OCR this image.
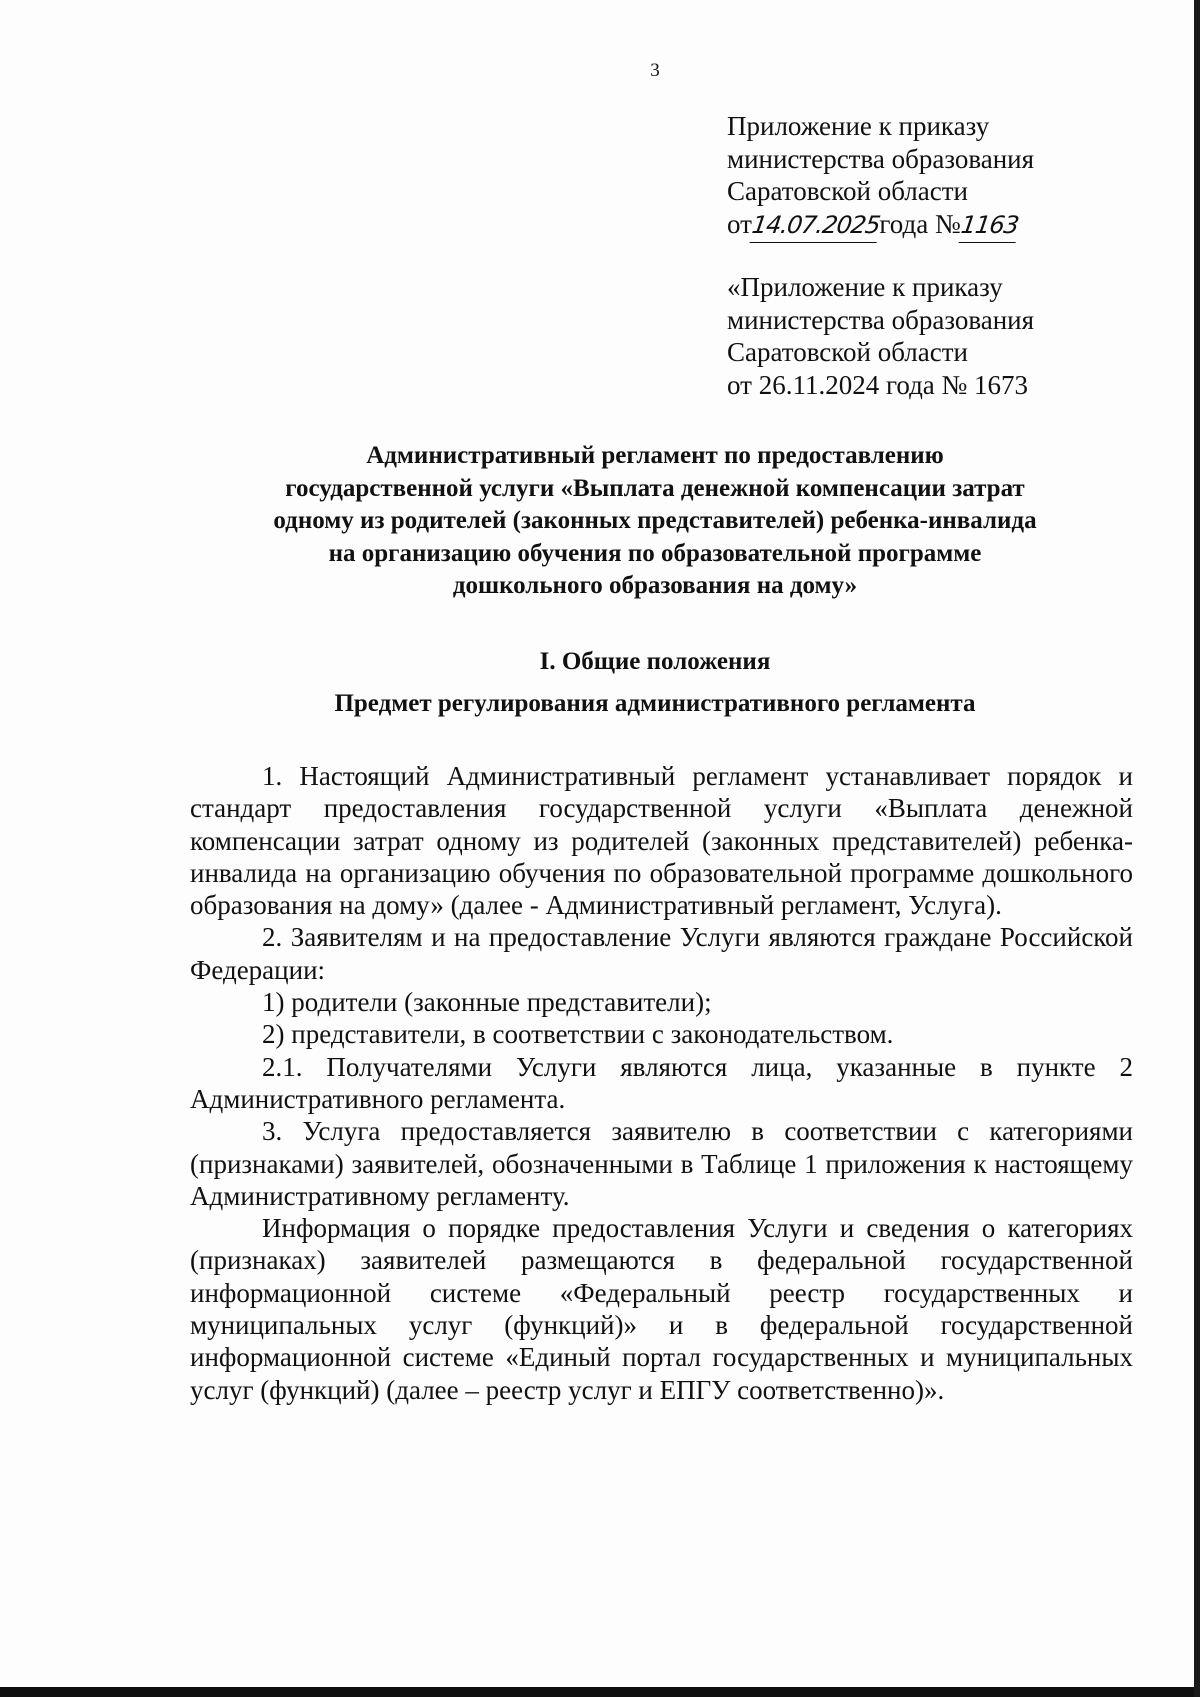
3
Приложение к приказу
министерства образования
Саратовской области
от14.07.2025года №1163
«Приложение к приказу
министерства образования
Саратовской области
от 26.11.2024 года № 1673
Административный регламент по предоставлению
государственной услуги «Выплата денежной компенсации затрат
одному из родителей (законных представителей) ребенка-инвалида
на организацию обучения по образовательной программе
дошкольного образования на дому»
I. Общие положения
Предмет регулирования административного регламента

1. Настоящий Административный регламент устанавливает порядок и стандарт предоставления государственной услуги «Выплата денежной компенсации затрат одному из родителей (законных представителей) ребенка-инвалида на организацию обучения по образовательной программе дошкольного образования на дому» (далее - Административный регламент, Услуга).

2. Заявителям и на предоставление Услуги являются граждане Российской Федерации:

1) родители (законные представители);

2) представители, в соответствии с законодательством.

2.1. Получателями Услуги являются лица, указанные в пункте 2 Административного регламента.

3. Услуга предоставляется заявителю в соответствии с категориями (признаками) заявителей, обозначенными в Таблице 1 приложения к настоящему Административному регламенту.

Информация о порядке предоставления Услуги и сведения о категориях (признаках) заявителей размещаются в федеральной государственной информационной системе «Федеральный реестр государственных и муниципальных услуг (функций)» и в федеральной государственной информационной системе «Единый портал государственных и муниципальных услуг (функций) (далее – реестр услуг и ЕПГУ соответственно)».
